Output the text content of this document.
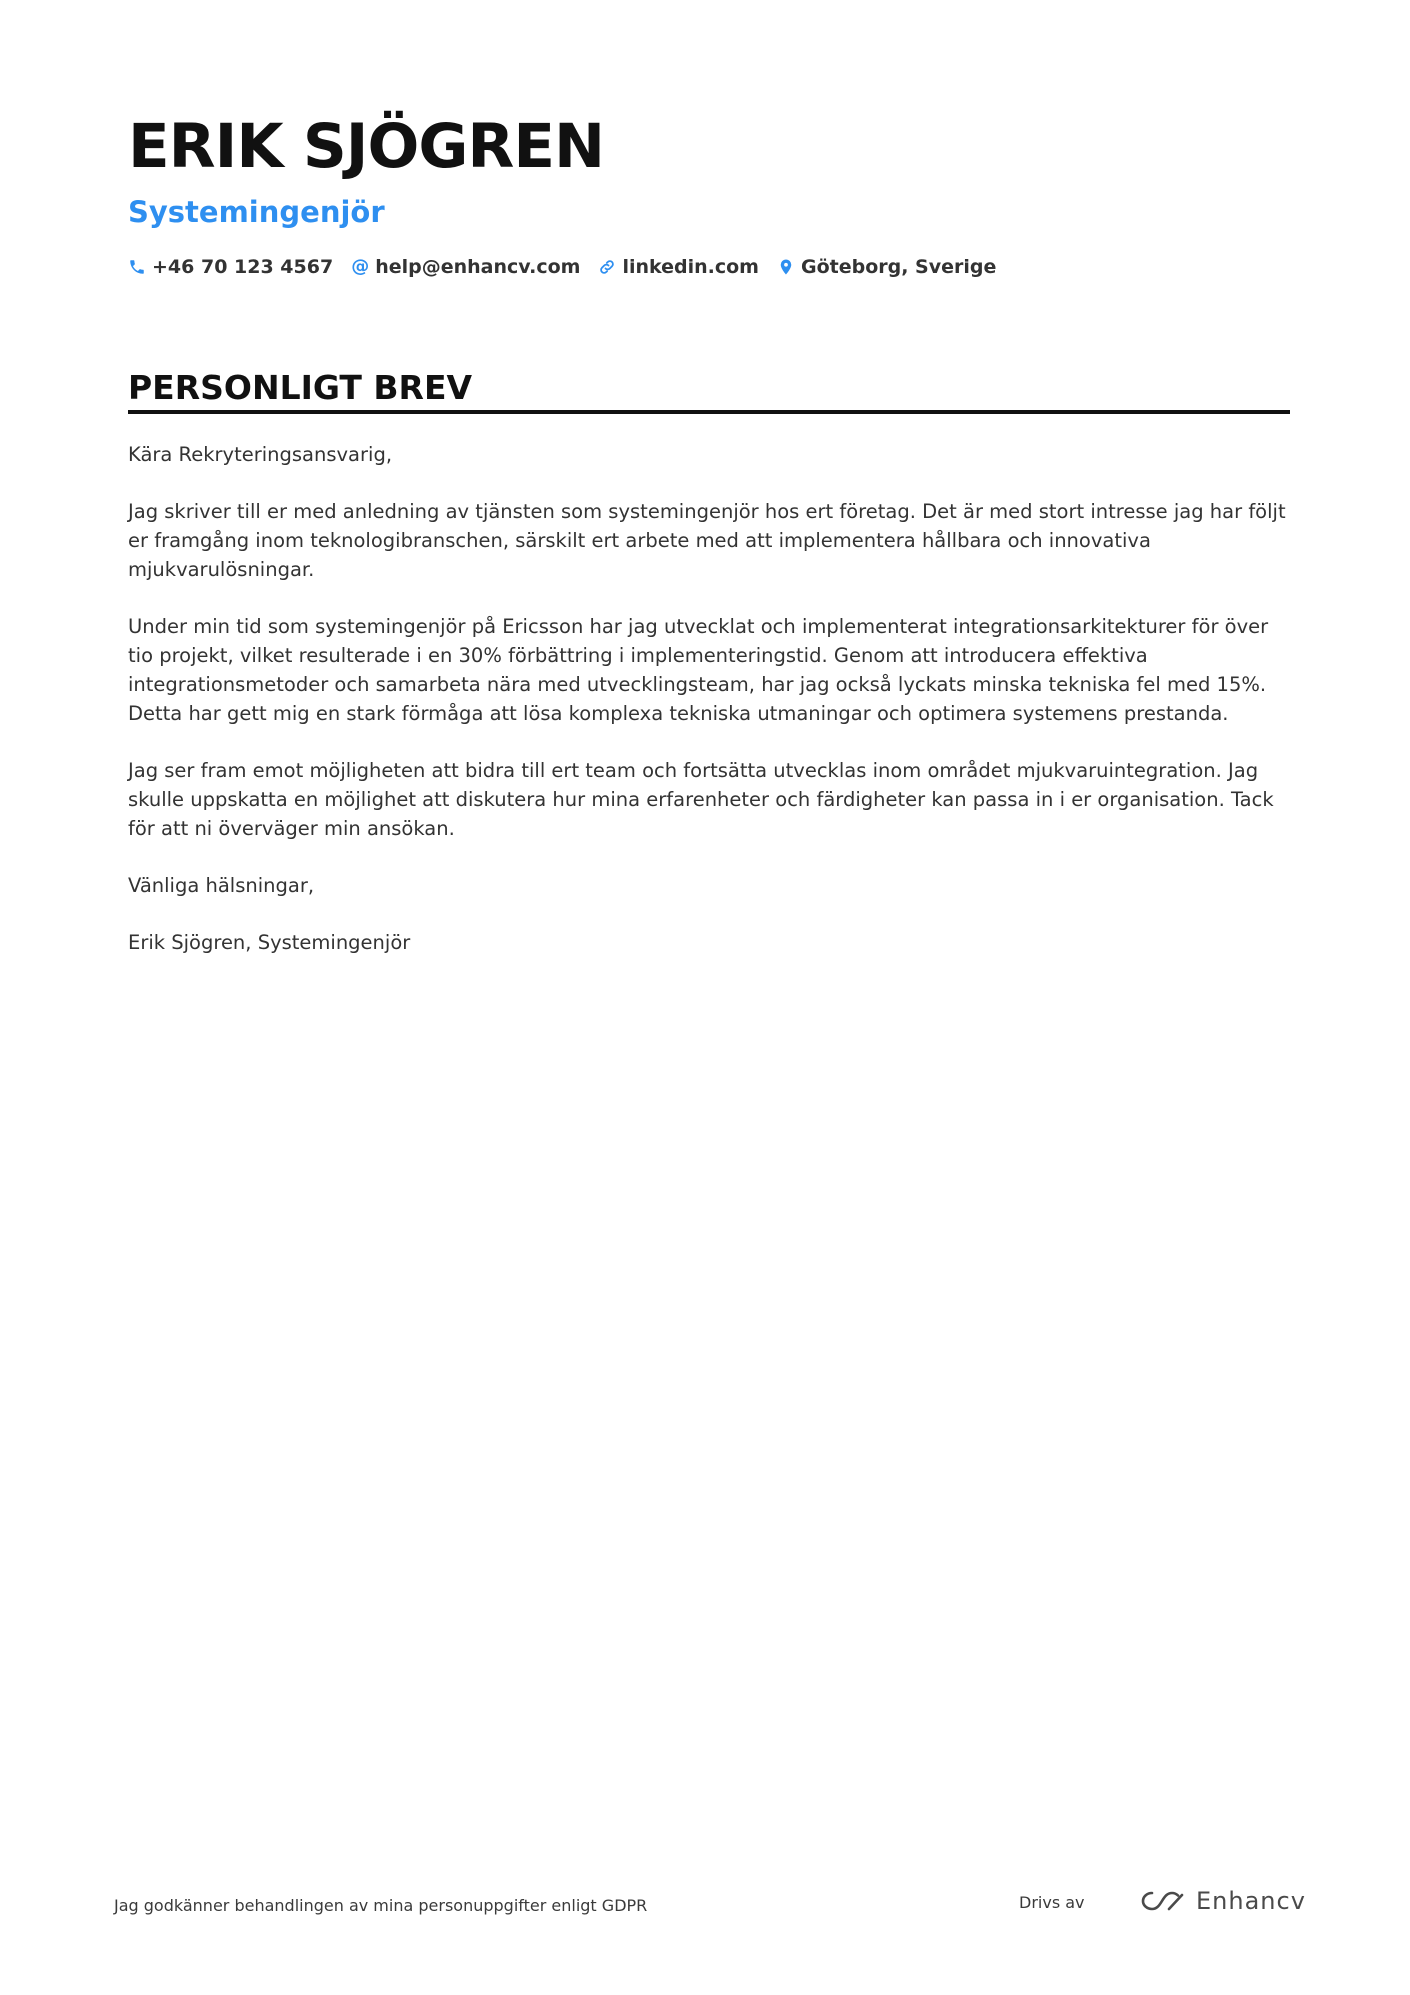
ERIK SJÖGREN
Systemingenjör
+46 70 123 4567 @ help@enhancv.com linkedin.com Göteborg, Sverige
PERSONLIGT BREV

Kära Rekryteringsansvarig,

Jag skriver till er med anledning av tjänsten som systemingenjör hos ert företag. Det är med stort intresse jag har följt er framgång inom teknologibranschen, särskilt ert arbete med att implementera hållbara och innovativa mjukvarulösningar.

Under min tid som systemingenjör på Ericsson har jag utvecklat och implementerat integrationsarkitekturer för över tio projekt, vilket resulterade i en 30% förbättring i implementeringstid. Genom att introducera effektiva integrationsmetoder och samarbeta nära med utvecklingsteam, har jag också lyckats minska tekniska fel med 15%. Detta har gett mig en stark förmåga att lösa komplexa tekniska utmaningar och optimera systemens prestanda.

Jag ser fram emot möjligheten att bidra till ert team och fortsätta utvecklas inom området mjukvaruintegration. Jag skulle uppskatta en möjlighet att diskutera hur mina erfarenheter och färdigheter kan passa in i er organisation. Tack för att ni överväger min ansökan.

Vänliga hälsningar,

Erik Sjögren, Systemingenjör

Jag godkänner behandlingen av mina personuppgifter enligt GDPR	Drivs av	Enhancv
